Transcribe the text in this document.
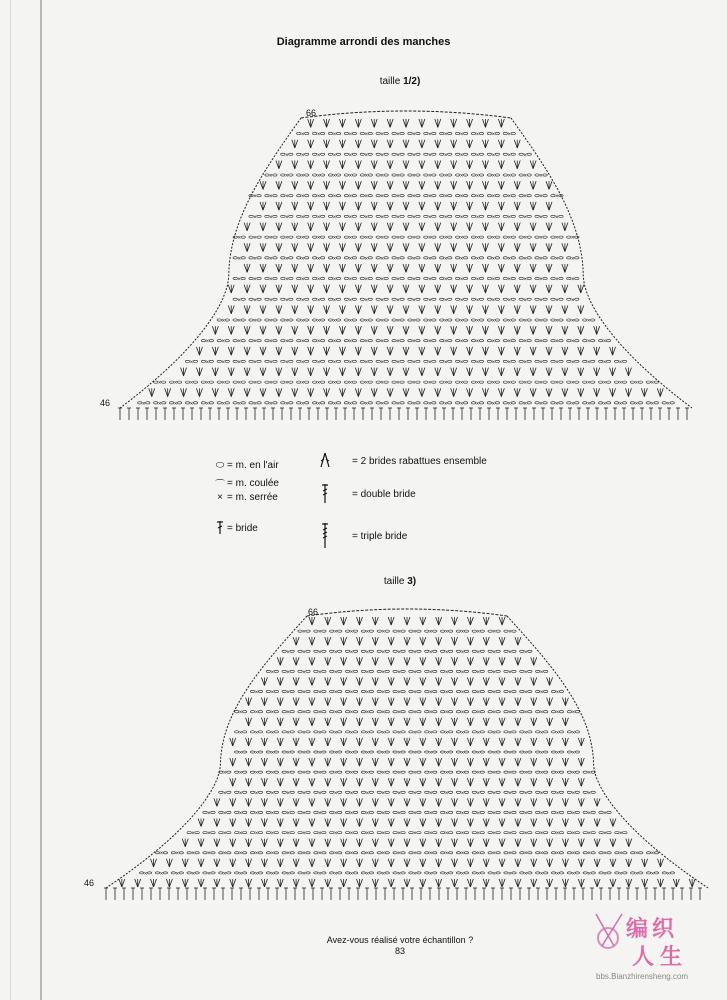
Diagramme arrondi des manches
taille 1/2)
66
46
× × × × × × × × × × × × × ×
× × × × × × × × × × × × × × × ×
× × × × × × × × × × × × × × × × × ×
× × × × × × × × × × × × × × × × × × × ×
× × × × × × × × × × × × × × × × × × × ×
× × × × × × × × × × × × × × × × × × × × × ×
× × × × × × × × × × × × × × × × × × × × × ×
× × × × × × × × × × × × × × × × × × × × × ×
× × × × × × × × × × × × × × × × × × × × × ×
× × × × × × × × × × × × × × × × × × × × × × × ×
× × × × × × × × × × × × × × × × × × × × × × × × × ×
× × × × × × × × × × × × × × × × × × × × × × × × × × × ×
× × × × × × × × × × × × × × × × × × × × × × × × × × × × × × × ×
× × × × × × × × × × × × × × × × × × × × × × × × × × × × × × × × × ×
⬭ = m. en l'air
⌒ = m. coulée
× = m. serrée
= bride
= 2 brides rabattues ensemble
= double bride
= triple bride
taille 3)
66
46
× × × × × × × × × × × × × ×
× × × × × × × × × × × × × × × ×
× × × × × × × × × × × × × × × × × ×
× × × × × × × × × × × × × × × × × × × ×
× × × × × × × × × × × × × × × × × × × × × ×
× × × × × × × × × × × × × × × × × × × × × ×
× × × × × × × × × × × × × × × × × × × × × ×
× × × × × × × × × × × × × × × × × × × × × × × ×
× × × × × × × × × × × × × × × × × × × × × × × ×
× × × × × × × × × × × × × × × × × × × × × × × × × ×
× × × × × × × × × × × × × × × × × × × × × × × × × × × ×
× × × × × × × × × × × × × × × × × × × × × × × × × × × × × × × ×
× × × × × × × × × × × × × × × × × × × × × × × × × × × × × × × × × ×
Avez-vous réalisé votre échantillon ?
83
编 织
人 生
bbs.Bianzhirensheng.com
